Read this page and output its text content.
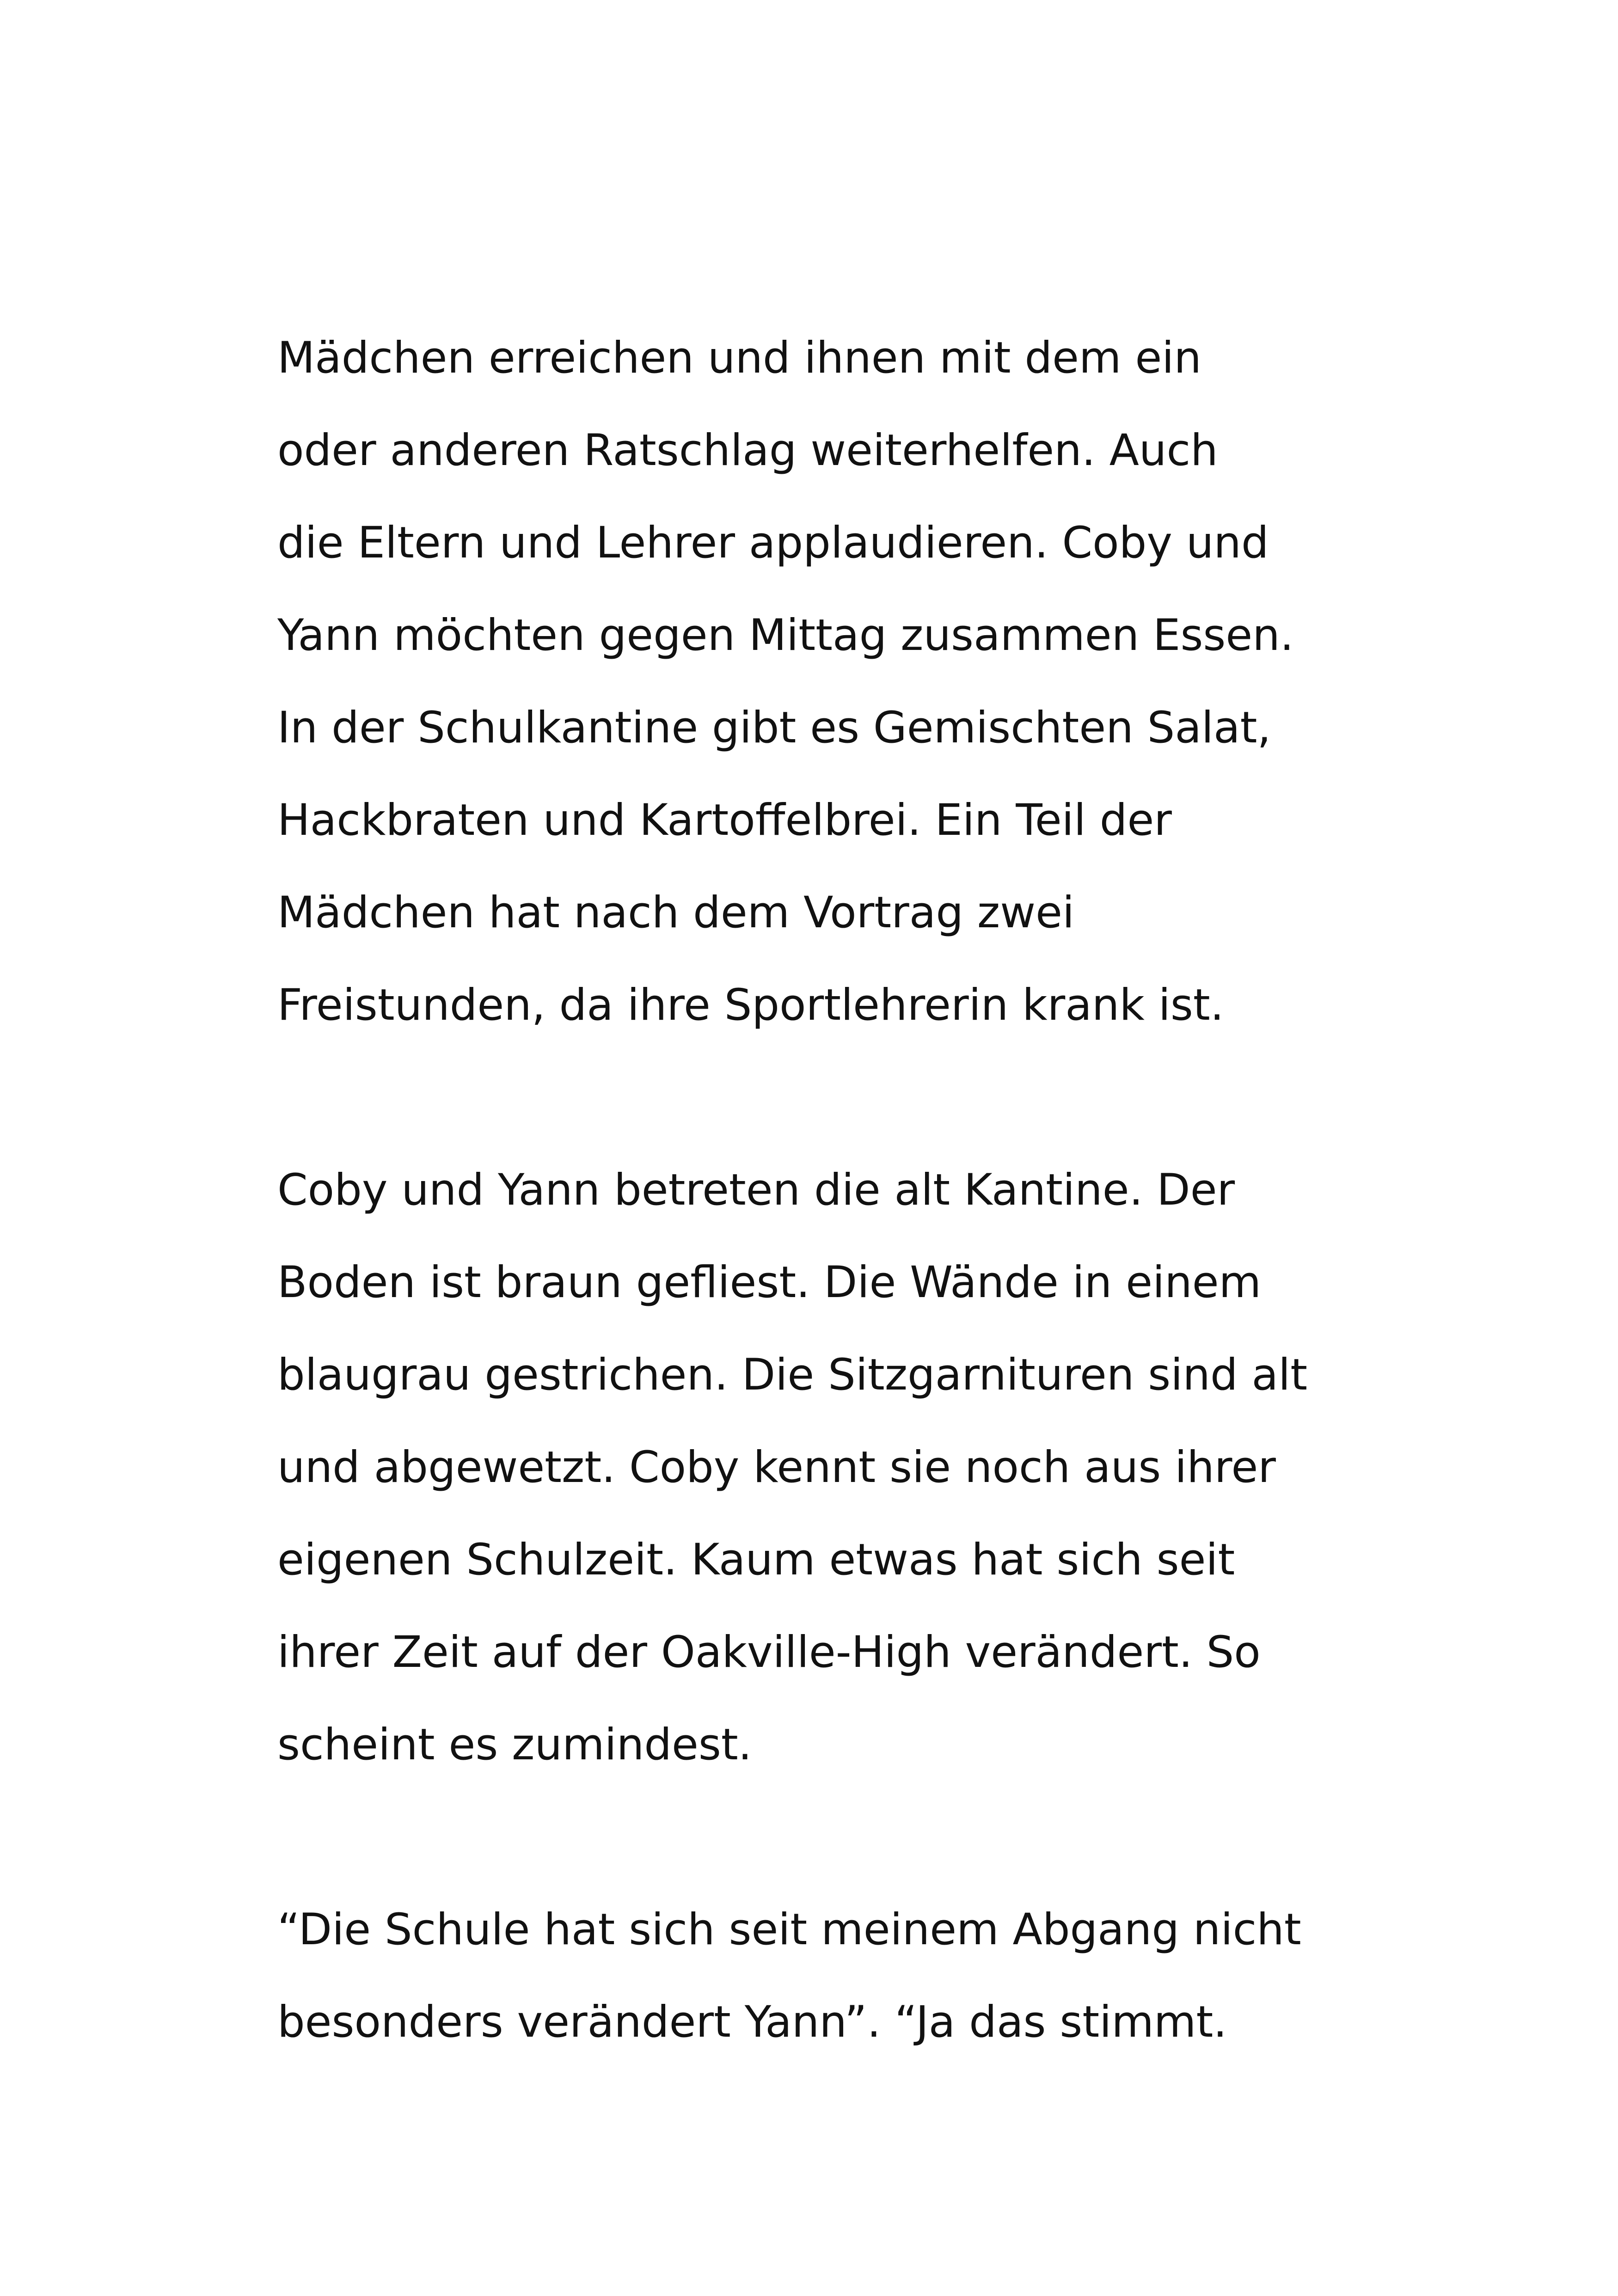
Mädchen erreichen und ihnen mit dem ein
oder anderen Ratschlag weiterhelfen. Auch
die Eltern und Lehrer applaudieren. Coby und
Yann möchten gegen Mittag zusammen Essen.
In der Schulkantine gibt es Gemischten Salat,
Hackbraten und Kartoffelbrei. Ein Teil der
Mädchen hat nach dem Vortrag zwei
Freistunden, da ihre Sportlehrerin krank ist.

Coby und Yann betreten die alt Kantine. Der
Boden ist braun gefliest. Die Wände in einem
blaugrau gestrichen. Die Sitzgarnituren sind alt
und abgewetzt. Coby kennt sie noch aus ihrer
eigenen Schulzeit. Kaum etwas hat sich seit
ihrer Zeit auf der Oakville-High verändert. So
scheint es zumindest.

“Die Schule hat sich seit meinem Abgang nicht
besonders verändert Yann”. “Ja das stimmt.
